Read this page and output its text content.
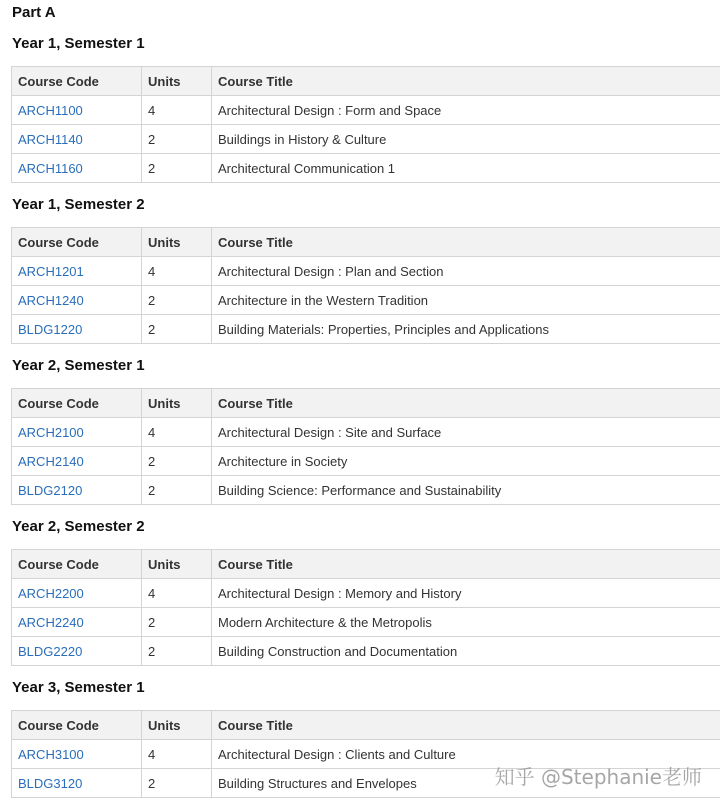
Part A
Year 1, Semester 1
Course Code	Units	Course Title
ARCH1100	4	Architectural Design : Form and Space
ARCH1140	2	Buildings in History & Culture
ARCH1160	2	Architectural Communication 1
Year 1, Semester 2
Course Code	Units	Course Title
ARCH1201	4	Architectural Design : Plan and Section
ARCH1240	2	Architecture in the Western Tradition
BLDG1220	2	Building Materials: Properties, Principles and Applications
Year 2, Semester 1
Course Code	Units	Course Title
ARCH2100	4	Architectural Design : Site and Surface
ARCH2140	2	Architecture in Society
BLDG2120	2	Building Science: Performance and Sustainability
Year 2, Semester 2
Course Code	Units	Course Title
ARCH2200	4	Architectural Design : Memory and History
ARCH2240	2	Modern Architecture & the Metropolis
BLDG2220	2	Building Construction and Documentation
Year 3, Semester 1
Course Code	Units	Course Title
ARCH3100	4	Architectural Design : Clients and Culture
BLDG3120	2	Building Structures and Envelopes	知乎 @Stephanie老师
